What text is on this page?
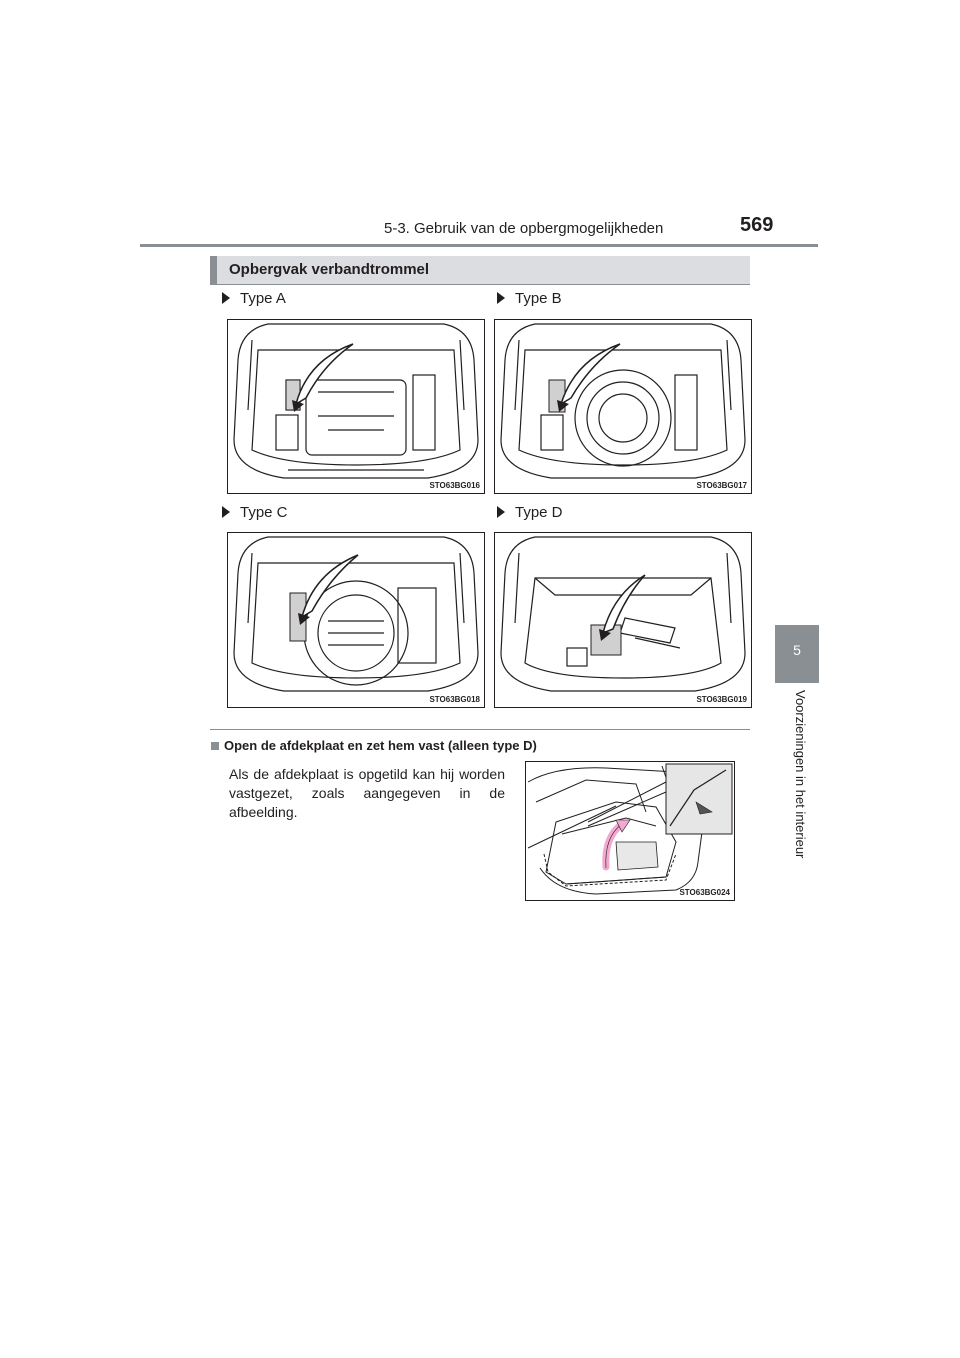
5-3. Gebruik van de opbergmogelijkheden	569
Opbergvak verbandtrommel
Type A	Type B
Type C	Type D
STO63BG016	STO63BG017
STO63BG018	STO63BG019
5
Voorzieningen in het interieur
Open de afdekplaat en zet hem vast (alleen type D)
Als de afdekplaat is opgetild kan hij worden vastgezet, zoals aangegeven in de afbeelding.
STO63BG024
